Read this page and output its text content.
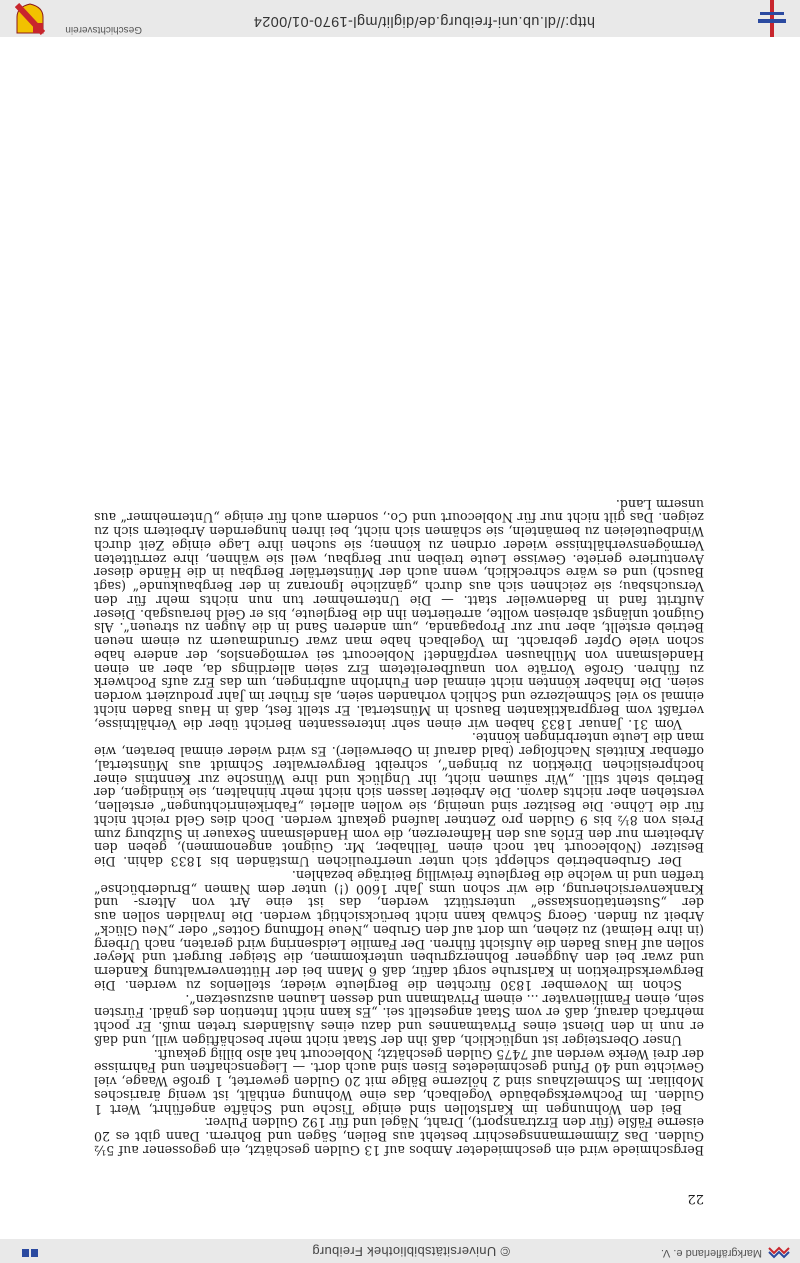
Markgräflerland e. V.
© Universitätsbibliothek Freiburg
22

Bergschmiede wird ein geschmiedeter Ambos auf 13 Gulden geschätzt, ein gegossener auf 5½ Gulden. Das Zimmermannsgeschirr besteht aus Beilen, Sägen und Bohrern. Dann gibt es 20 eiserne Fäßle (für den Erztransport), Draht, Nägel und für 192 Gulden Pulver.

Bei den Wohnungen im Karlstollen sind einige Tische und Schäfte angeführt, Wert 1 Gulden. Im Pochwerksgebäude Vogelbach, das eine Wohnung enthält, ist wenig ärarisches Mobiliar. Im Schmelzhaus sind 2 hölzerne Bälge mit 20 Gulden gewertet, 1 große Waage, viel Gewichte und 40 Pfund geschmiedetes Eisen sind auch dort. — Liegenschaften und Fahrnisse der drei Werke werden auf 7475 Gulden geschätzt; Noblecourt hat also billig gekauft.

Unser Obersteiger ist unglücklich, daß ihn der Staat nicht mehr beschäftigen will, und daß er nun in den Dienst eines Privatmannes und dazu eines Ausländers treten muß. Er pocht mehrfach darauf, daß er vom Staat angestellt sei. „Es kann nicht Intention des gnädl. Fürsten sein, einen Familienvater ... einem Privatmann und dessen Launen auszusetzen“.

Schon im November 1830 fürchten die Bergleute wieder, stellenlos zu werden. Die Bergwerksdirektion in Karlsruhe sorgt dafür, daß 6 Mann bei der Hüttenverwaltung Kandern und zwar bei den Auggener Bohnerzgruben unterkommen, die Steiger Burgert und Meyer sollen auf Haus Baden die Aufsicht führen. Der Familie Leidsenring wird geraten, nach Urberg (in ihre Heimat) zu ziehen, um dort auf den Gruben „Neue Hoffnung Gottes“ oder „Neu Glück“ Arbeit zu finden. Georg Schwab kann nicht berücksichtigt werden. Die Invaliden sollen aus der „Sustentationskasse“ unterstützt werden, das ist eine Art von Alters- und Krankenversicherung, die wir schon ums Jahr 1600 (!) unter dem Namen „Bruderbüchse“ treffen und in welche die Bergleute freiwillig Beiträge bezahlen.

Der Grubenbetrieb schleppt sich unter unerfreulichen Umständen bis 1833 dahin. Die Besitzer (Noblecourt hat noch einen Teilhaber, Mr. Guignot angenommen), geben den Arbeitern nur den Erlös aus den Hafnererzen, die vom Handelsmann Sexauer in Sulzburg zum Preis von 8½ bis 9 Gulden pro Zentner laufend gekauft werden. Doch dies Geld reicht nicht für die Löhne. Die Besitzer sind uneinig, sie wollen allerlei „Fabrikeinrichtungen“ erstellen, verstehen aber nichts davon. Die Arbeiter lassen sich nicht mehr hinhalten, sie kündigen, der Betrieb steht still. „Wir säumen nicht, ihr Unglück und ihre Wünsche zur Kenntnis einer hochpreislichen Direktion zu bringen“, schreibt Bergverwalter Schmidt aus Münstertal, offenbar Knittels Nachfolger (bald darauf in Oberweiler). Es wird wieder einmal beraten, wie man die Leute unterbringen könnte.

Vom 31. Januar 1833 haben wir einen sehr interessanten Bericht über die Verhältnisse, verfaßt vom Bergpraktikanten Bausch in Münstertal. Er stellt fest, daß in Haus Baden nicht einmal so viel Schmelzerze und Schlich vorhanden seien, als früher im Jahr produziert worden seien. Die Inhaber könnten nicht einmal den Fuhrlohn aufbringen, um das Erz aufs Pochwerk zu führen. Große Vorräte von unaufbereitetem Erz seien allerdings da, aber an einen Handelsmann von Mülhausen verpfändet! Noblecourt sei vermögenslos, der andere habe schon viele Opfer gebracht. Im Vogelbach habe man zwar Grundmauern zu einem neuen Betrieb erstellt, aber nur zur Propaganda, „um anderen Sand in die Augen zu streuen“. Als Guignot unlängst abreisen wollte, arretierten ihn die Bergleute, bis er Geld herausgab. Dieser Auftritt fand in Badenweiler statt. — Die Unternehmer tun nun nichts mehr für den Versuchsbau; sie zeichnen sich aus durch „gänzliche Ignoranz in der Bergbaukunde“ (sagt Bausch) und es wäre schrecklich, wenn auch der Münstertäler Bergbau in die Hände dieser Aventuriere geriete. Gewisse Leute treiben nur Bergbau, weil sie wähnen, ihre zerrütteten Vermögensverhältnisse wieder ordnen zu können; sie suchen ihre Lage einige Zeit durch Windbeuteleien zu bemänteln, sie schämen sich nicht, bei ihren hungernden Arbeitern sich zu zeigen. Das gilt nicht nur für Noblecourt und Co., sondern auch für einige „Unternehmer“ aus unserm Land.

http://dl.ub.uni-freiburg.de/diglit/mgl-1970-01/0024
Geschichtsverein
